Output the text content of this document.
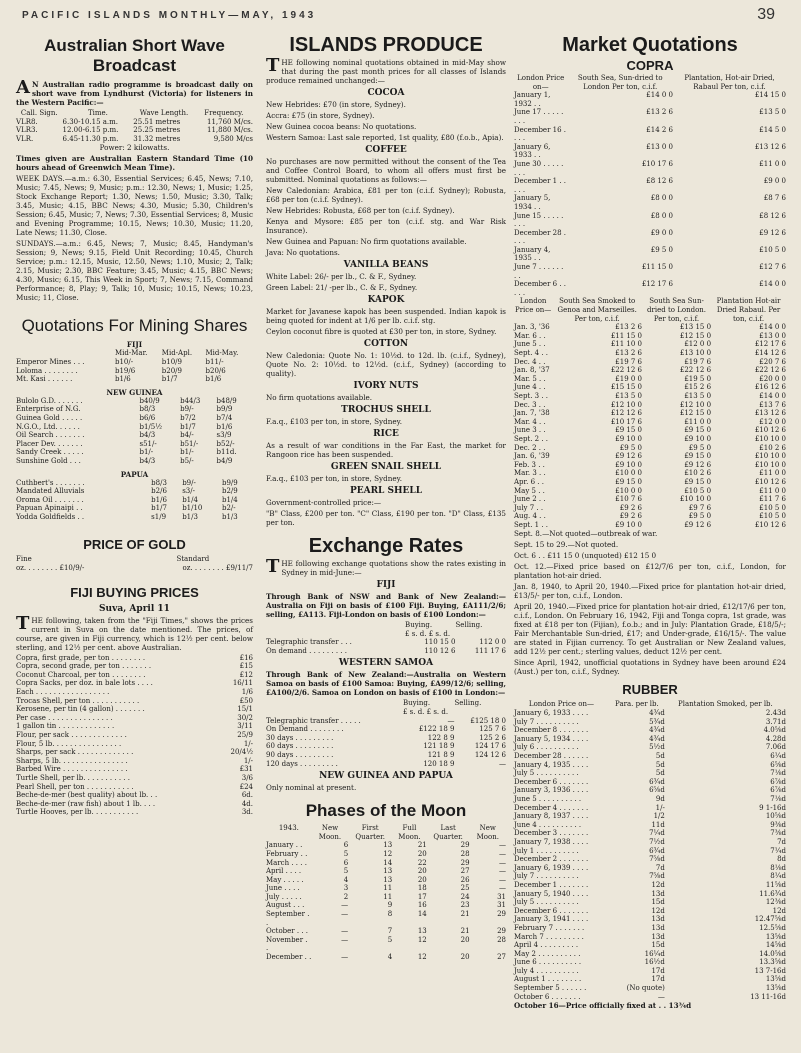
PACIFIC ISLANDS MONTHLY—MAY, 1943	39
Australian Short Wave Broadcast

AN Australian radio programme is broadcast daily on short wave from Lyndhurst (Victoria) for listeners in the Western Pacific:—

Call. Sign.	Time.	Wave Length.	Frequency.
VLR8.	6.30-10.15 a.m.	25.51 metres	11,760 M/cs.
VLR3.	12.00-6.15 p.m.	25.25 metres	11,880 M/cs.
VLR.	6.45-11.30 p.m.	31.32 metres	9,580 M/cs

Power: 2 kilowatts.

Times given are Australian Eastern Standard Time (10 hours ahead of Greenwich Mean Time).

WEEK DAYS.—a.m.: 6.30, Essential Services; 6.45, News; 7.10, Music; 7.45, News; 9, Music; p.m.: 12.30, News; 1, Music; 1.25, Stock Exchange Report; 1.30, News; 1.50, Music; 3.30, Talk; 3.45, Music; 4.15, BBC News; 4.30, Music; 5.30, Children's Session; 6.45, Music; 7, News; 7.30, Essential Services; 8, Music and Evening Programme; 10.15, News; 10.30, Music; 11.20, Late News; 11.30, Close.

SUNDAYS.—a.m.: 6.45, News; 7, Music; 8.45, Handyman's Session; 9, News; 9.15, Field Unit Recording; 10.45, Church Service; p.m.: 12.15, Music, 12.50, News; 1.10, Music; 2, Talk; 2.15, Music; 2.30, BBC Feature; 3.45, Music; 4.15, BBC News; 4.30, Music; 6.15, This Week in Sport; 7, News; 7.15, Command Performance; 8, Play; 9, Talk; 10, Music; 10.15, News; 10.23, Music; 11, Close.

Quotations For Mining Shares
FIJI
	Mid-Mar.	Mid-Apl.	Mid-May.
Emperor Mines . . .	b10/-	b10/9	b11/-
Loloma . . . . . . . .	b19/6	b20/9	b20/6
Mt. Kasi . . . . . .	b1/6	b1/7	b1/6
NEW GUINEA
Bulolo G.D. . . . . . .	b40/9	b44/3	b48/9
Enterprise of N.G.	b8/3	b9/-	b9/9
Guinea Gold . . . . .	b6/6	b7/2	b7/4
N.G.O., Ltd. . . . . .	b1/5½	b1/7	b1/6
Oil Search . . . . . . .	b4/3	b4/-	s3/9
Placer Dev. . . . . . .	s51/-	b51/-	b52/-
Sandy Creek . . . . .	b1/-	b1/-	b11d.
Sunshine Gold . . .	b4/3	b5/-	b4/9
PAPUA
Cuthbert's . . . . . . .	b8/3	b9/-	b9/9
Mandated Alluvials	b2/6	s3/-	b2/9
Oroma Oil . . . . . . .	b1/6	b1/4	b1/4
Papuan Apinaipi . .	b1/7	b1/10	b2/-
Yodda Goldfields . .	s1/9	b1/3	b1/3
PRICE OF GOLD
Fine	Standard
oz. . . . . . . . £10/9/-	oz. . . . . . . . £9/11/7
FIJI BUYING PRICES
Suva, April 11

THE following, taken from the "Fiji Times," shows the prices current in Suva on the date mentioned. The prices, of course, are given in Fiji currency, which is 12½ per cent. below sterling, and 12½ per cent. above Australian.

Copra, first grade, per ton . . . . . . . .	£16
Copra, second grade, per ton . . . . . . .	£15
Coconut Charcoal, per ton . . . . . . . .	£12
Copra Sacks, per doz. in bale lots . . . .	16/11
Each . . . . . . . . . . . . . . . . .	1/6
Trocas Shell, per ton . . . . . . . . . . .	£50
Kerosene, per tin (4 gallon) . . . . . . .	15/1
Per case . . . . . . . . . . . . . . .	30/2
1 gallon tin . . . . . . . . . . . . .	3/11
Flour, per sack . . . . . . . . . . . . .	25/9
Flour, 5 lb. . . . . . . . . . . . . . . .	1/-
Sharps, per sack . . . . . . . . . . . . .	20/4½
Sharps, 5 lb. . . . . . . . . . . . . . . .	1/-
Barbed Wire . . . . . . . . . . . . . . .	£31
Turtle Shell, per lb. . . . . . . . . . .	3/6
Pearl Shell, per ton . . . . . . . . . . .	£24
Beche-de-mer (best quality) about lb. . .	6d.
Beche-de-mer (raw fish) about 1 lb. . . .	4d.
Turtle Hooves, per lb. . . . . . . . . . .	3d.
ISLANDS PRODUCE

THE following nominal quotations obtained in mid-May show that during the past month prices for all classes of Islands produce remained unchanged:—

COCOA

New Hebrides: £70 (in store, Sydney).

Accra: £75 (in store, Sydney).

New Guinea cocoa beans: No quotations.

Western Samoa: Last sale reported, 1st quality, £80 (f.o.b., Apia).

COFFEE

No purchases are now permitted without the consent of the Tea and Coffee Control Board, to whom all offers must first be submitted. Nominal quotations as follows:—

New Caledonian: Arabica, £81 per ton (c.i.f. Sydney); Robusta, £68 per ton (c.i.f. Sydney).

New Hebrides: Robusta, £68 per ton (c.i.f. Sydney).

Kenya and Mysore: £85 per ton (c.i.f. stg. and War Risk Insurance).

New Guinea and Papuan: No firm quotations available.

Java: No quotations.

VANILLA BEANS

White Label: 26/- per lb., C. & F., Sydney.

Green Label: 21/ -per lb., C. & F., Sydney.

KAPOK

Market for Javanese kapok has been suspended. Indian kapok is being quoted for indent at 1/6 per lb. c.i.f. stg.

Ceylon coconut fibre is quoted at £30 per ton, in store, Sydney.

COTTON

New Caledonia: Quote No. 1: 10½d. to 12d. lb. (c.i.f., Sydney), Quote No. 2: 10½d. to 12½d. (c.i.f., Sydney) (according to quality).

IVORY NUTS

No firm quotations available.

TROCHUS SHELL

F.a.q., £103 per ton, in store, Sydney.

RICE

As a result of war conditions in the Far East, the market for Rangoon rice has been suspended.

GREEN SNAIL SHELL

F.a.q., £103 per ton, in store, Sydney.

PEARL SHELL

Government-controlled price:—

"B" Class, £200 per ton. "C" Class, £190 per ton. "D" Class, £135 per ton.

Exchange Rates

THE following exchange quotations show the rates existing in Sydney in mid-June:—

FIJI

Through Bank of NSW and Bank of New Zealand:—Australia on Fiji on basis of £100 Fiji. Buying, £A111/2/6; selling, £A113. Fiji-London on basis of £100 London:—

	Buying.	Selling.
	£ s. d. £ s. d.	
Telegraphic transfer . . .	110 15 0	112 0 0
On demand . . . . . . . . .	110 12 6	111 17 6
WESTERN SAMOA

Through Bank of New Zealand:—Australia on Western Samoa on basis of £100 Samoa: Buying, £A99/12/6; selling, £A100/2/6. Samoa on London on basis of £100 in London:—

	Buying.	Selling.
	£ s. d. £ s. d.	
Telegraphic transfer . . . . .	—	£125 18 0
On Demand . . . . . . . .	£122 18 9	125 7 6
30 days . . . . . . . . .	122 8 9	125 2 6
60 days . . . . . . . . .	121 18 9	124 17 6
90 days . . . . . . . . .	121 8 9	124 12 6
120 days . . . . . . . . .	120 18 9	—
NEW GUINEA AND PAPUA

Only nominal at present.

Phases of the Moon
1943.	New Moon.	First Quarter.	Full Moon.	Last Quarter.	New Moon.
January . .	6	13	21	29	—
February . .	5	12	20	28	—
March . . . .	6	14	22	29	—
April . . . .	5	13	20	27	—
May . . . . .	4	13	20	26	—
June . . . .	3	11	18	25	—
July . . . . .	2	11	17	24	31
August . . .	—	9	16	23	31
September . .	—	8	14	21	29
October . . .	—	7	13	21	29
November . .	—	5	12	20	28
December . .	—	4	12	20	27
Market Quotations
COPRA
London Price on—	South Sea, Sun-dried to London Per ton, c.i.f.	Plantation, Hot-air Dried, Rabaul Per ton, c.i.f.
January 1, 1932 . .	£14 0 0	£14 15 0
June 17 . . . . . . . .	£13 2 6	£13 5 0
December 16 . . . .	£14 2 6	£14 5 0
January 6, 1933 . .	£13 0 0	£13 12 6
June 30 . . . . . . . .	£10 17 6	£11 0 0
December 1 . . . . .	£8 12 6	£9 0 0
January 5, 1934 . .	£8 0 0	£8 7 6
June 15 . . . . . . . .	£8 0 0	£8 12 6
December 28 . . . .	£9 0 0	£9 12 6
January 4, 1935 . .	£9 5 0	£10 5 0
June 7 . . . . . . . .	£11 15 0	£12 7 6
December 6 . . . . .	£12 17 6	£14 0 0
London Price on—	South Sea Smoked to Genoa and Marseilles. Per ton, c.i.f.	South Sea Sun-dried to London. Per ton, c.i.f.	Plantation Hot-air Dried Rabaul. Per ton, c.i.f.
Jan. 3, '36	£13 2 6	£13 15 0	£14 0 0
Mar. 6 . .	£11 15 0	£12 15 0	£13 0 0
June 5 . .	£11 10 0	£12 0 0	£12 17 6
Sept. 4 . .	£13 2 6	£13 10 0	£14 12 6
Dec. 4 . .	£19 7 6	£19 7 6	£20 7 6
Jan. 8, '37	£22 12 6	£22 12 6	£22 12 6
Mar. 5 . .	£19 0 0	£19 5 0	£20 0 0
June 4 . .	£15 15 0	£15 2 6	£16 12 6
Sept. 3 . .	£13 5 0	£13 5 0	£14 0 0
Dec. 3 . .	£12 10 0	£12 10 0	£13 7 6
Jan. 7, '38	£12 12 6	£12 15 0	£13 12 6
Mar. 4 . .	£10 17 6	£11 0 0	£12 0 0
June 3 . .	£9 15 0	£9 15 0	£10 12 6
Sept. 2 . .	£9 10 0	£9 10 0	£10 10 0
Dec. 2 . .	£9 5 0	£9 5 0	£10 2 6
Jan. 6, '39	£9 12 6	£9 15 0	£10 10 0
Feb. 3 . .	£9 10 0	£9 12 6	£10 10 0
Mar. 3 . .	£10 0 0	£10 2 6	£11 0 0
Apr. 6 . .	£9 15 0	£9 15 0	£10 12 6
May 5 . .	£10 0 0	£10 5 0	£11 0 0
June 2 . .	£10 7 6	£10 10 0	£11 7 6
July 7 . .	£9 2 6	£9 7 6	£10 5 0
Aug. 4 . .	£9 2 6	£9 5 0	£10 5 0
Sept. 1 . .	£9 10 0	£9 12 6	£10 12 6

Sept. 8.—Not quoted—outbreak of war.

Sept. 15 to 29.—Not quoted.

Oct. 6 . . £11 15 0 (unquoted) £12 15 0

Oct. 12.—Fixed price based on £12/7/6 per ton, c.i.f., London, for plantation hot-air dried.

Jan. 8, 1940, to April 20, 1940.—Fixed price for plantation hot-air dried, £13/5/- per ton, c.i.f., London.

April 20, 1940.—Fixed price for plantation hot-air dried, £12/17/6 per ton, c.i.f., London. On February 16, 1942, Fiji and Tonga copra, 1st grade, was fixed at £18 per ton (Fijian), f.o.b.; and in July: Plantation Grade, £18/5/-; Fair Merchantable Sun-dried, £17; and Under-grade, £16/15/-. The value are stated in Fijian currency. To get Australian or New Zealand values, add 12½ per cent.; sterling values, deduct 12½ per cent.

Since April, 1942, unofficial quotations in Sydney have been around £24 (Aust.) per ton, c.i.f., Sydney.

RUBBER
London Price on—	Para. per lb.	Plantation Smoked, per lb.
January 6, 1933 . . . .	4¾d	2.43d
July 7 . . . . . . . . . .	5¾d	3.71d
December 8 . . . . . . .	4¾d	4.0⅝d
January 5, 1934 . . . .	4¾d	4.28d
July 6 . . . . . . . . . .	5½d	7.06d
December 28 . . . . . .	5d	6¼d
January 4, 1935 . . . .	5d	6⅝d
July 5 . . . . . . . . . .	5d	7⅛d
December 6 . . . . . . .	6¾d	6⅞d
January 3, 1936 . . . .	6⅝d	6⅞d
June 5 . . . . . . . . . .	9d	7⅛d
December 4 . . . . . . .	1/-	9 1-16d
January 8, 1937 . . . .	1/2	10⅝d
June 4 . . . . . . . . . .	11d	9⅜d
December 3 . . . . . . .	7¼d	7⅜d
January 7, 1938 . . . .	7½d	7d
July 1 . . . . . . . . . .	6¾d	7¼d
December 2 . . . . . . .	7⅝d	8d
January 6, 1939 . . . .	7d	8⅛d
July 7 . . . . . . . . . .	7⅝d	8¼d
December 1 . . . . . . .	12d	11⅝d
January 5, 1940 . . . .	13d	11.6¾d
July 5 . . . . . . . . . .	15d	12⅜d
December 6 . . . . . . .	12d	12d
January 3, 1941 . . . .	13d	12.47⅝d
February 7 . . . . . . .	13d	12.5⅝d
March 7 . . . . . . . . .	13d	13⅝d
April 4 . . . . . . . . .	15d	14⅝d
May 2 . . . . . . . . . .	16¼d	14.0⅝d
June 6 . . . . . . . . . .	16½d	13.3⅝d
July 4 . . . . . . . . . .	17d	13 7-16d
August 1 . . . . . . . .	17d	13⅝d
September 5 . . . . . .	(No quote)	13⅝d
October 6 . . . . . . .	—	13 11-16d

October 16—Price officially fixed at . . 13¾d
